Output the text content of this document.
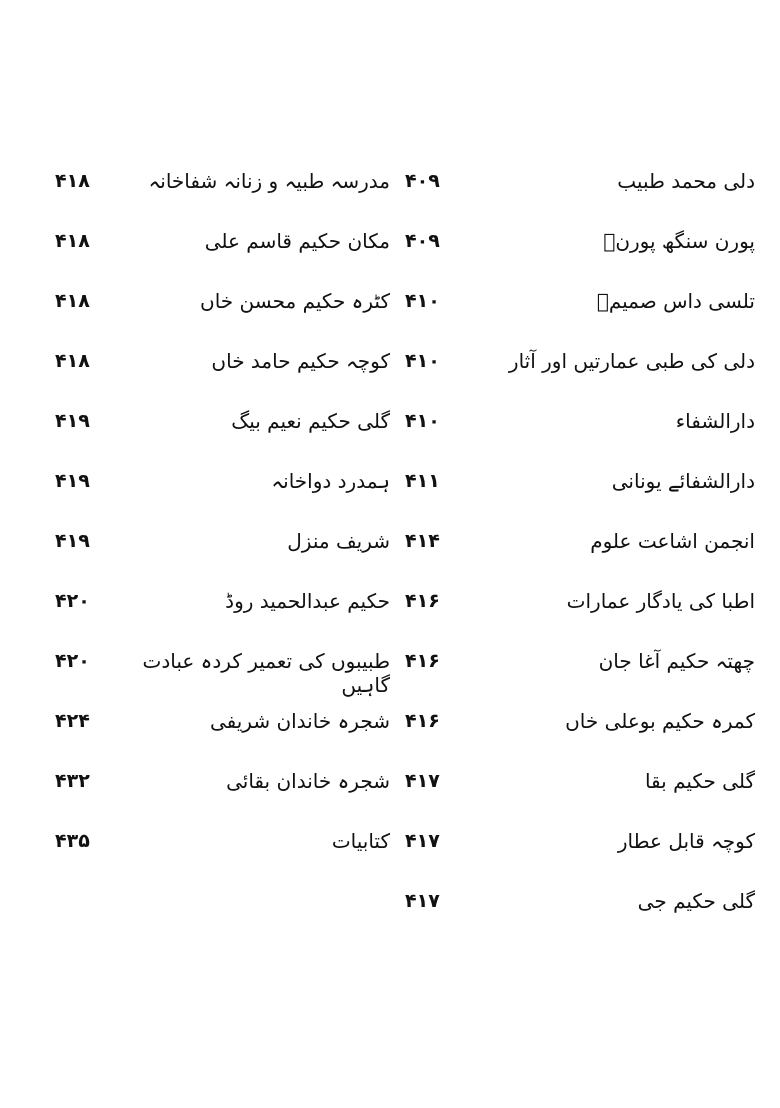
۴۰۹	دلی محمد طبیب
۴۰۹	پورن سنگھ پورنؔ
۴۱۰	تلسی داس صمیمؔ
۴۱۰	دلی کی طبی عمارتیں اور آثار
۴۱۰	دارالشفاء
۴۱۱	دارالشفائے یونانی
۴۱۴	انجمن اشاعت علوم
۴۱۶	اطبا کی یادگار عمارات
۴۱۶	چھتہ حکیم آغا جان
۴۱۶	کمرہ حکیم بوعلی خاں
۴۱۷	گلی حکیم بقا
۴۱۷	کوچہ قابل عطار
۴۱۷	گلی حکیم جی
۴۱۸	مدرسہ طبیہ و زنانہ شفاخانہ
۴۱۸	مکان حکیم قاسم علی
۴۱۸	کٹرہ حکیم محسن خاں
۴۱۸	کوچہ حکیم حامد خاں
۴۱۹	گلی حکیم نعیم بیگ
۴۱۹	ہمدرد دواخانہ
۴۱۹	شریف منزل
۴۲۰	حکیم عبدالحمید روڈ
۴۲۰	طبیبوں کی تعمیر کردہ عبادت گاہیں
۴۲۴	شجرہ خاندان شریفی
۴۳۲	شجرہ خاندان بقائی
۴۳۵	کتابیات
